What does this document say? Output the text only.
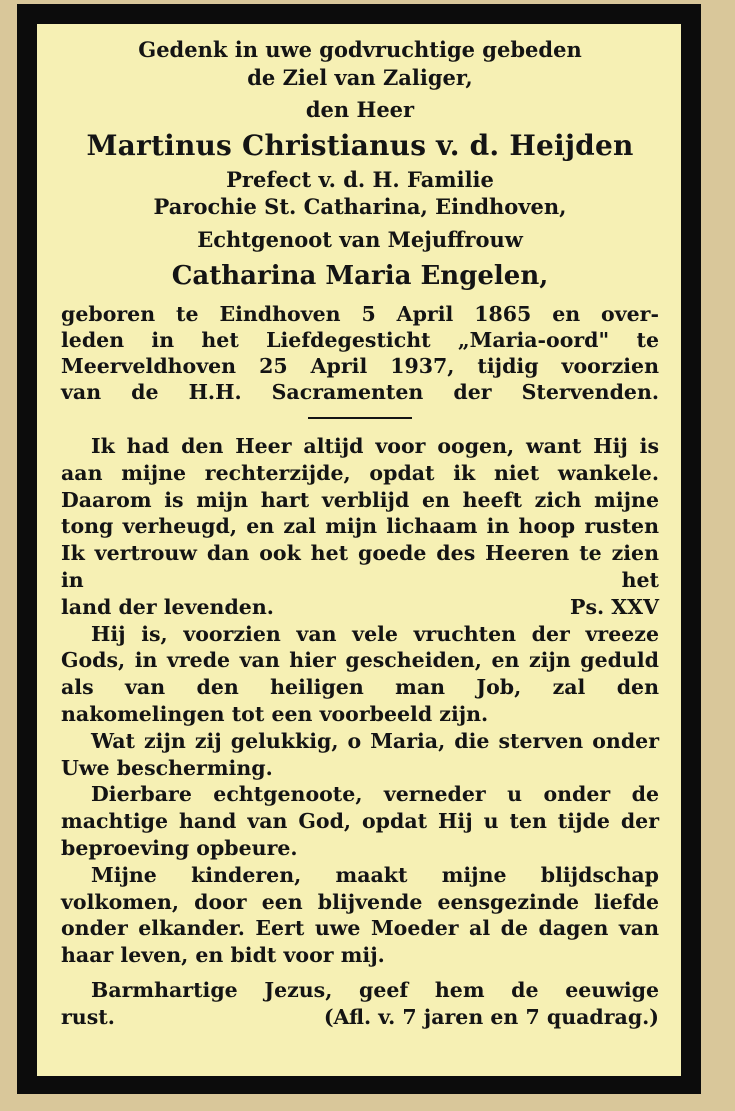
Gedenk in uwe godvruchtige gebeden
de Ziel van Zaliger,
den Heer
Martinus Christianus v. d. Heijden
Prefect v. d. H. Familie
Parochie St. Catharina, Eindhoven,
Echtgenoot van Mejuffrouw
Catharina Maria Engelen,
geboren te Eindhoven 5 April 1865 en over-
leden in het Liefdegesticht „Maria-oord" te
Meerveldhoven 25 April 1937, tijdig voorzien
van de H.H. Sacramenten der Stervenden.
Ik had den Heer altijd voor oogen, want Hij is aan mijne rechterzijde, opdat ik niet wankele. Daarom is mijn hart verblijd en heeft zich mijne tong verheugd, en zal mijn lichaam in hoop rusten Ik vertrouw dan ook het goede des Heeren te zien in het
land der levenden.	Ps. XXV
Hij is, voorzien van vele vruchten der vreeze Gods, in vrede van hier gescheiden, en zijn geduld als van den heiligen man Job, zal den nakomelingen tot een voorbeeld zijn.
Wat zijn zij gelukkig, o Maria, die sterven onder Uwe bescherming.
Dierbare echtgenoote, verneder u onder de machtige hand van God, opdat Hij u ten tijde der beproeving opbeure.
Mijne kinderen, maakt mijne blijdschap volkomen, door een blijvende eensgezinde liefde onder elkander. Eert uwe Moeder al de dagen van haar leven, en bidt voor mij.
Barmhartige Jezus, geef hem de eeuwige
rust.	(Afl. v. 7 jaren en 7 quadrag.)
